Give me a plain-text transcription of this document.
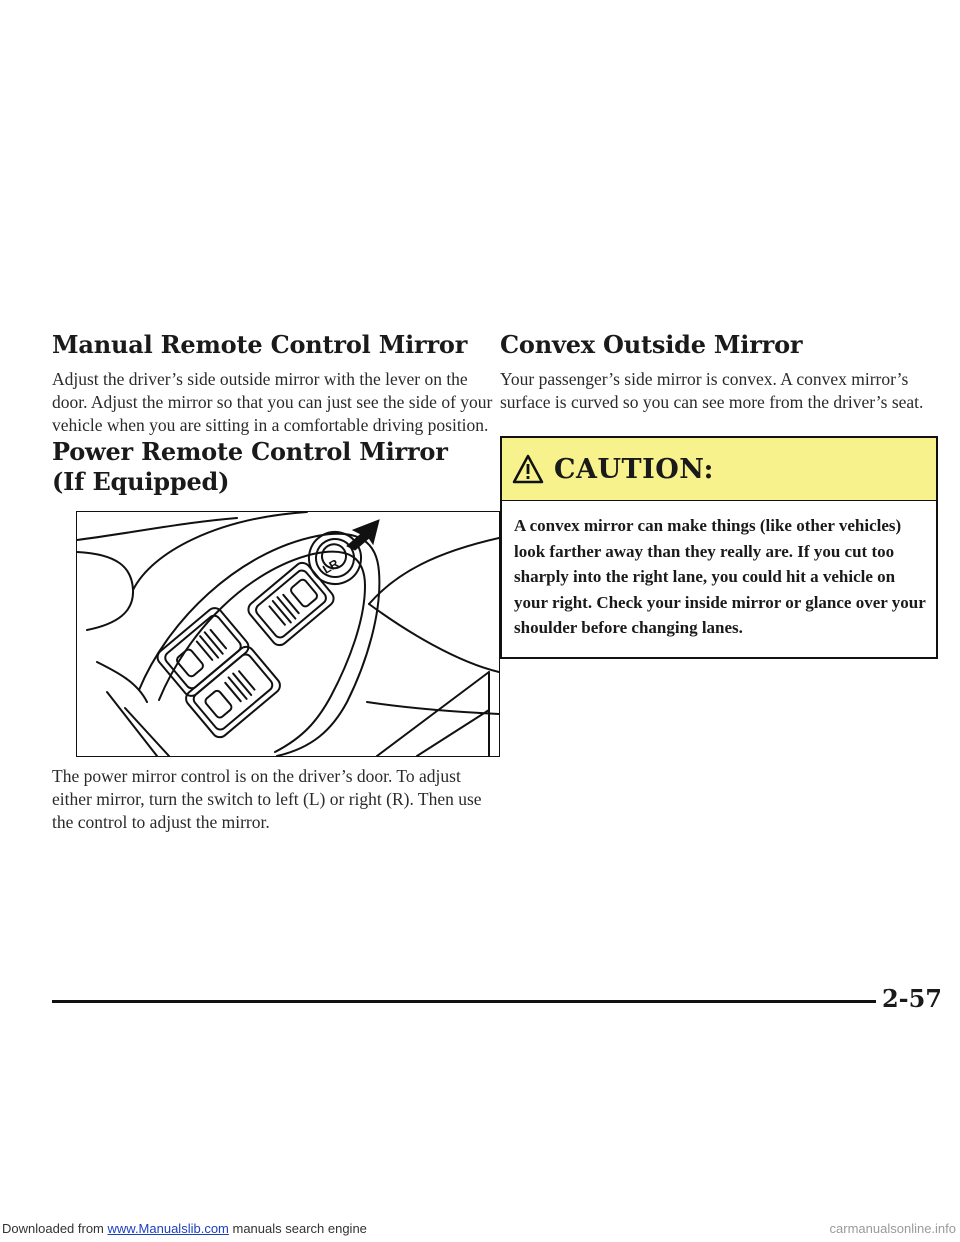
Manual Remote Control Mirror

Adjust the driver’s side outside mirror with the lever on the door. Adjust the mirror so that you can just see the side of your vehicle when you are sitting in a comfortable driving position.

Power Remote Control Mirror
(If Equipped)
LR

The power mirror control is on the driver’s door. To adjust either mirror, turn the switch to left (L) or right (R). Then use the control to adjust the mirror.

Convex Outside Mirror

Your passenger’s side mirror is convex. A convex mirror’s surface is curved so you can see more from the driver’s seat.

CAUTION:
A convex mirror can make things (like other vehicles) look farther away than they really are. If you cut too sharply into the right lane, you could hit a vehicle on your right. Check your inside mirror or glance over your shoulder before changing lanes.
2-57
Downloaded from www.Manualslib.com manuals search engine	carmanualsonline.info
